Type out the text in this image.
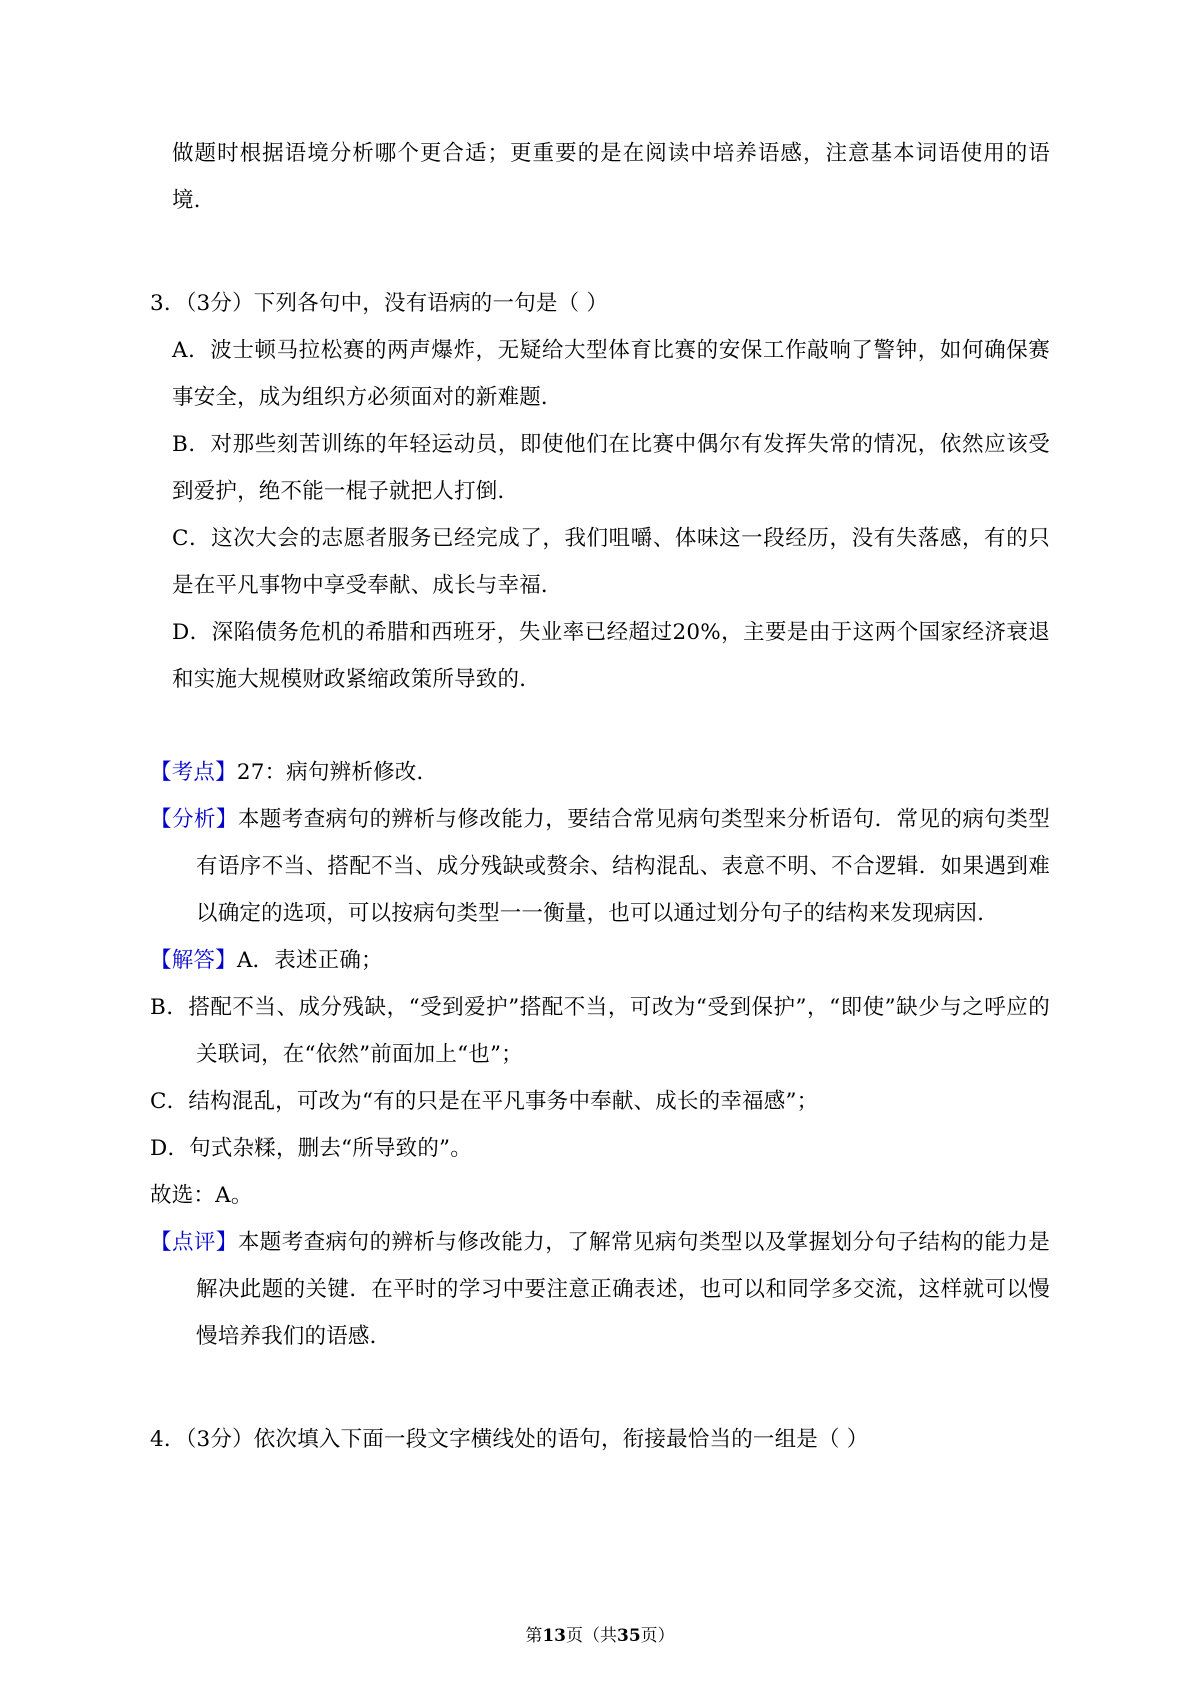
做题时根据语境分析哪个更合适；更重要的是在阅读中培养语感，注意基本词语使用的语境．

3．（3分）下列各句中，没有语病的一句是（ ）

A．波士顿马拉松赛的两声爆炸，无疑给大型体育比赛的安保工作敲响了警钟，如何确保赛事安全，成为组织方必须面对的新难题．

B．对那些刻苦训练的年轻运动员，即使他们在比赛中偶尔有发挥失常的情况，依然应该受到爱护，绝不能一棍子就把人打倒．

C．这次大会的志愿者服务已经完成了，我们咀嚼、体味这一段经历，没有失落感，有的只是在平凡事物中享受奉献、成长与幸福．

D．深陷债务危机的希腊和西班牙，失业率已经超过20%，主要是由于这两个国家经济衰退和实施大规模财政紧缩政策所导致的．

【考点】27：病句辨析修改．

【分析】本题考查病句的辨析与修改能力，要结合常见病句类型来分析语句．常见的病句类型有语序不当、搭配不当、成分残缺或赘余、结构混乱、表意不明、不合逻辑．如果遇到难以确定的选项，可以按病句类型一一衡量，也可以通过划分句子的结构来发现病因．

【解答】A．表述正确；

B．搭配不当、成分残缺，“受到爱护”搭配不当，可改为“受到保护”，“即使”缺少与之呼应的关联词，在“依然”前面加上“也”；

C．结构混乱，可改为“有的只是在平凡事务中奉献、成长的幸福感”；

D．句式杂糅，删去“所导致的”。

故选：A。

【点评】本题考查病句的辨析与修改能力，了解常见病句类型以及掌握划分句子结构的能力是解决此题的关键．在平时的学习中要注意正确表述，也可以和同学多交流，这样就可以慢慢培养我们的语感．

4．（3分）依次填入下面一段文字横线处的语句，衔接最恰当的一组是（ ）

第13页（共35页）
